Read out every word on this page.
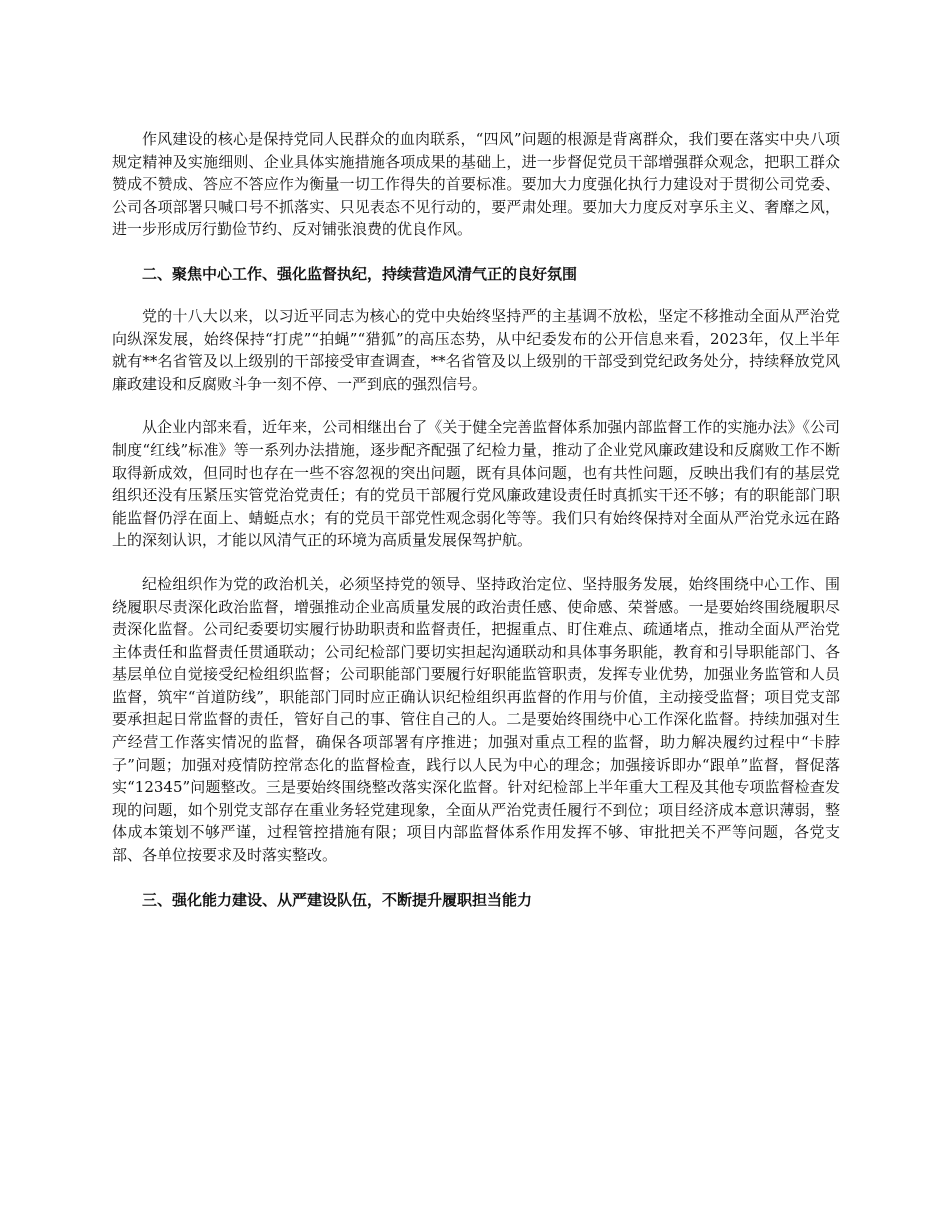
作风建设的核心是保持党同人民群众的血肉联系，“四风”问题的根源是背离群众，我们要在落实中央八项规定精神及实施细则、企业具体实施措施各项成果的基础上，进一步督促党员干部增强群众观念，把职工群众赞成不赞成、答应不答应作为衡量一切工作得失的首要标准。要加大力度强化执行力建设对于贯彻公司党委、公司各项部署只喊口号不抓落实、只见表态不见行动的，要严肃处理。要加大力度反对享乐主义、奢靡之风，进一步形成厉行勤俭节约、反对铺张浪费的优良作风。

二、聚焦中心工作、强化监督执纪，持续营造风清气正的良好氛围

党的十八大以来，以习近平同志为核心的党中央始终坚持严的主基调不放松，坚定不移推动全面从严治党向纵深发展，始终保持“打虎”“拍蝇”“猎狐”的高压态势，从中纪委发布的公开信息来看，2023年，仅上半年就有**名省管及以上级别的干部接受审查调查，**名省管及以上级别的干部受到党纪政务处分，持续释放党风廉政建设和反腐败斗争一刻不停、一严到底的强烈信号。

从企业内部来看，近年来，公司相继出台了《关于健全完善监督体系加强内部监督工作的实施办法》《公司制度“红线”标准》等一系列办法措施，逐步配齐配强了纪检力量，推动了企业党风廉政建设和反腐败工作不断取得新成效，但同时也存在一些不容忽视的突出问题，既有具体问题，也有共性问题，反映出我们有的基层党组织还没有压紧压实管党治党责任；有的党员干部履行党风廉政建设责任时真抓实干还不够；有的职能部门职能监督仍浮在面上、蜻蜓点水；有的党员干部党性观念弱化等等。我们只有始终保持对全面从严治党永远在路上的深刻认识，才能以风清气正的环境为高质量发展保驾护航。

纪检组织作为党的政治机关，必须坚持党的领导、坚持政治定位、坚持服务发展，始终围绕中心工作、围绕履职尽责深化政治监督，增强推动企业高质量发展的政治责任感、使命感、荣誉感。一是要始终围绕履职尽责深化监督。公司纪委要切实履行协助职责和监督责任，把握重点、盯住难点、疏通堵点，推动全面从严治党主体责任和监督责任贯通联动；公司纪检部门要切实担起沟通联动和具体事务职能，教育和引导职能部门、各基层单位自觉接受纪检组织监督；公司职能部门要履行好职能监管职责，发挥专业优势，加强业务监管和人员监督，筑牢“首道防线”，职能部门同时应正确认识纪检组织再监督的作用与价值，主动接受监督；项目党支部要承担起日常监督的责任，管好自己的事、管住自己的人。二是要始终围绕中心工作深化监督。持续加强对生产经营工作落实情况的监督，确保各项部署有序推进；加强对重点工程的监督，助力解决履约过程中“卡脖子”问题；加强对疫情防控常态化的监督检查，践行以人民为中心的理念；加强接诉即办“跟单”监督，督促落实“12345”问题整改。三是要始终围绕整改落实深化监督。针对纪检部上半年重大工程及其他专项监督检查发现的问题，如个别党支部存在重业务轻党建现象，全面从严治党责任履行不到位；项目经济成本意识薄弱，整体成本策划不够严谨，过程管控措施有限；项目内部监督体系作用发挥不够、审批把关不严等问题，各党支部、各单位按要求及时落实整改。

三、强化能力建设、从严建设队伍，不断提升履职担当能力
